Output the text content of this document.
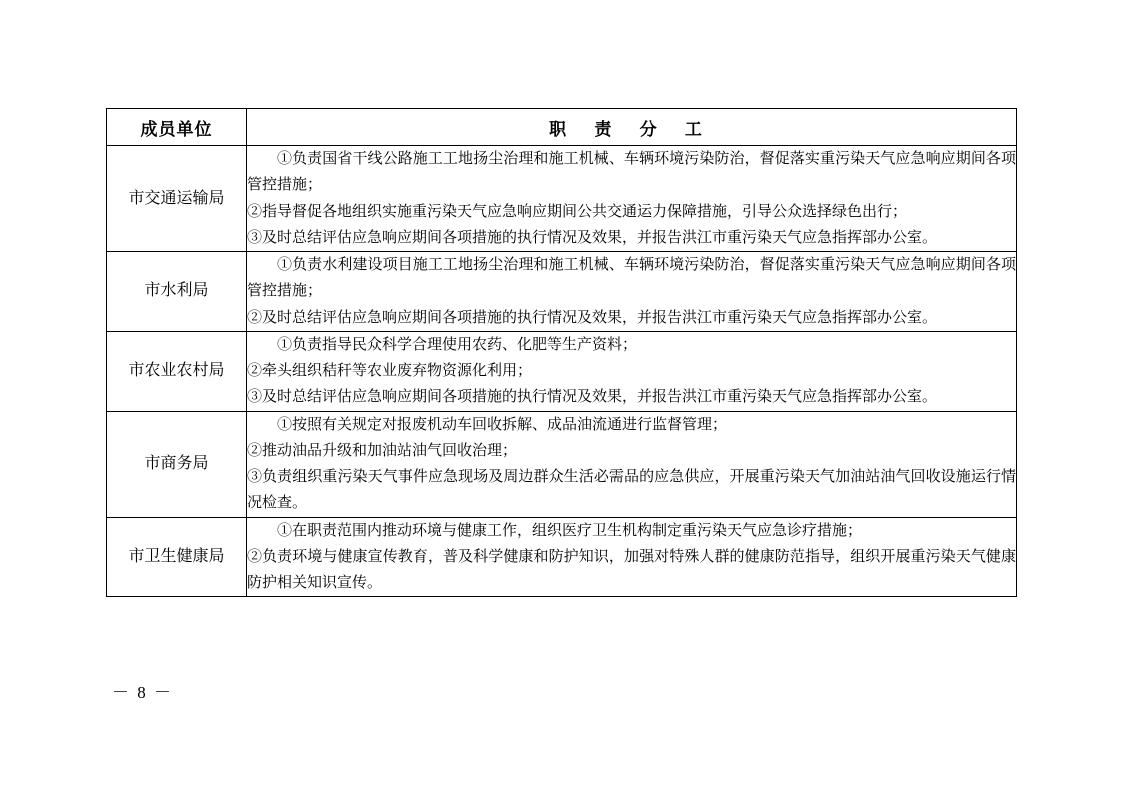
成员单位	职 责 分 工
市交通运输局	①负责国省干线公路施工工地扬尘治理和施工机械、车辆环境污染防治，督促落实重污染天气应急响应期间各项管控措施；

②指导督促各地组织实施重污染天气应急响应期间公共交通运力保障措施，引导公众选择绿色出行；

③及时总结评估应急响应期间各项措施的执行情况及效果，并报告洪江市重污染天气应急指挥部办公室。

市水利局	①负责水利建设项目施工工地扬尘治理和施工机械、车辆环境污染防治，督促落实重污染天气应急响应期间各项管控措施；

②及时总结评估应急响应期间各项措施的执行情况及效果，并报告洪江市重污染天气应急指挥部办公室。

市农业农村局	①负责指导民众科学合理使用农药、化肥等生产资料；

②牵头组织秸秆等农业废弃物资源化利用；

③及时总结评估应急响应期间各项措施的执行情况及效果，并报告洪江市重污染天气应急指挥部办公室。

市商务局	①按照有关规定对报废机动车回收拆解、成品油流通进行监督管理；

②推动油品升级和加油站油气回收治理；

③负责组织重污染天气事件应急现场及周边群众生活必需品的应急供应，开展重污染天气加油站油气回收设施运行情况检查。

市卫生健康局	①在职责范围内推动环境与健康工作，组织医疗卫生机构制定重污染天气应急诊疗措施；

②负责环境与健康宣传教育，普及科学健康和防护知识，加强对特殊人群的健康防范指导，组织开展重污染天气健康防护相关知识宣传。

－ 8 －
